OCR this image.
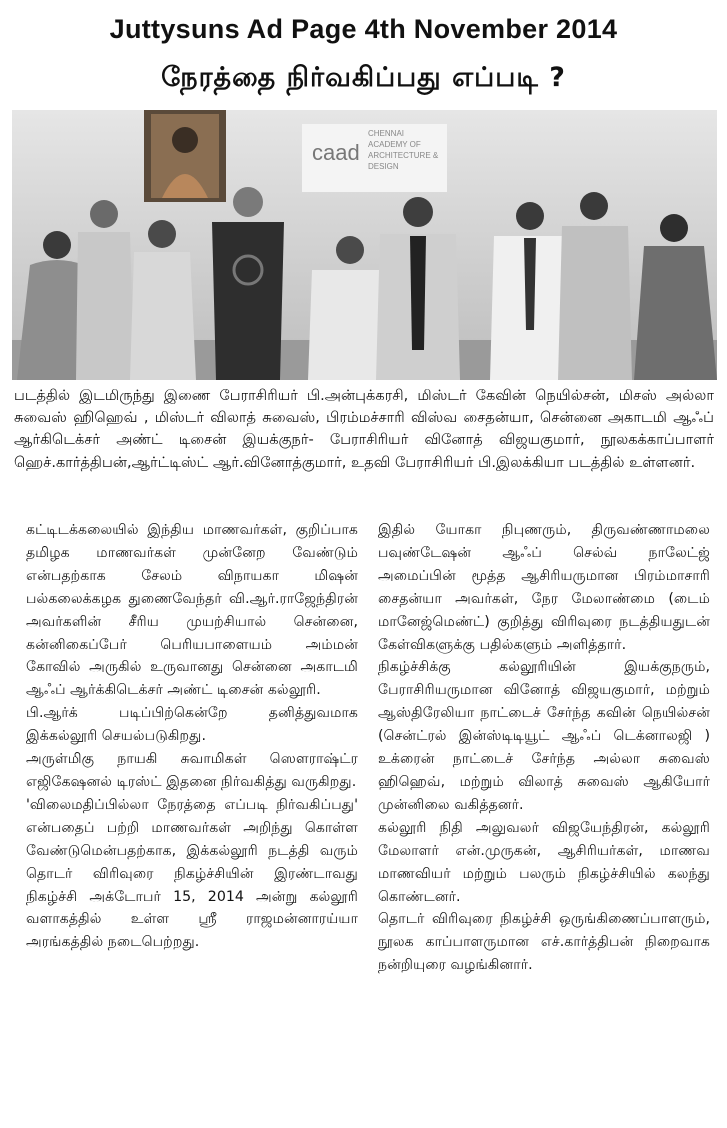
Juttysuns Ad Page 4th November 2014
நேரத்தை நிர்வகிப்பது எப்படி ?
caad
CHENNAI
ACADEMY OF
ARCHITECTURE &
DESIGN
படத்தில் இடமிருந்து இணை பேராசிரியர் பி.அன்புக்கரசி, மிஸ்டர் கேவின் நெயில்சன், மிசஸ் அல்லா சுவைஸ் ஹிஹெவ் , மிஸ்டர் விலாத் சுவைஸ், பிரம்மச்சாரி விஸ்வ சைதன்யா, சென்னை அகாடமி ஆஃப் ஆர்கிடெக்சர் அண்ட் டிசைன் இயக்குநர்- பேராசிரியர் வினோத் விஜயகுமார், நூலகக்காப்பாளர் ஹெச்.கார்த்திபன்,ஆர்ட்டிஸ்ட் ஆர்.வினோத்குமார், உதவி பேராசிரியர் பி.இலக்கியா படத்தில் உள்ளனர்.

கட்டிடக்கலையில் இந்திய மாணவர்கள், குறிப்பாக தமிழக மாணவர்கள் முன்னேற வேண்டும் என்பதற்காக சேலம் விநாயகா மிஷன் பல்கலைக்கழக துணைவேந்தர் வி.ஆர்.ராஜேந்திரன் அவர்களின் சீரிய முயற்சியால் சென்னை, கன்னிகைப்பேர் பெரியபாளையம் அம்மன் கோவில் அருகில் உருவானது சென்னை அகாடமி ஆஃப் ஆர்க்கிடெக்சர் அண்ட் டிசைன் கல்லூரி.

பி.ஆர்க் படிப்பிற்கென்றே தனித்துவமாக இக்கல்லூரி செயல்படுகிறது.

அருள்மிகு நாயகி சுவாமிகள் ஸௌராஷ்ட்ர எஜிகேஷனல் டிரஸ்ட் இதனை நிர்வகித்து வருகிறது.

'விலைமதிப்பில்லா நேரத்தை எப்படி நிர்வகிப்பது' என்பதைப் பற்றி மாணவர்கள் அறிந்து கொள்ள வேண்டுமென்பதற்காக, இக்கல்லூரி நடத்தி வரும் தொடர் விரிவுரை நிகழ்ச்சியின் இரண்டாவது நிகழ்ச்சி அக்டோபர் 15, 2014 அன்று கல்லூரி வளாகத்தில் உள்ள ஸ்ரீ ராஜமன்னாரய்யா அரங்கத்தில் நடைபெற்றது.

இதில் யோகா நிபுணரும், திருவண்ணாமலை பவுண்டேஷன் ஆஃப் செல்வ் நாலேட்ஜ் அமைப்பின் மூத்த ஆசிரியருமான பிரம்மாசாரி சைதன்யா அவர்கள், நேர மேலாண்மை (டைம் மானேஜ்மெண்ட்) குறித்து விரிவுரை நடத்தியதுடன் கேள்விகளுக்கு பதில்களும் அளித்தார்.

நிகழ்ச்சிக்கு கல்லூரியின் இயக்குநரும், பேராசிரியருமான வினோத் விஜயகுமார், மற்றும் ஆஸ்திரேலியா நாட்டைச் சேர்ந்த கவின் நெயில்சன் (சென்ட்ரல் இன்ஸ்டிடியூட் ஆஃப் டெக்னாலஜி ) உக்ரைன் நாட்டைச் சேர்ந்த அல்லா சுவைஸ் ஹிஹெவ், மற்றும் விலாத் சுவைஸ் ஆகியோர் முன்னிலை வகித்தனர்.

கல்லூரி நிதி அலுவலர் விஜயேந்திரன், கல்லூரி மேலாளர் என்.முருகன், ஆசிரியர்கள், மாணவ மாணவியர் மற்றும் பலரும் நிகழ்ச்சியில் கலந்து கொண்டனர்.

தொடர் விரிவுரை நிகழ்ச்சி ஒருங்கிணைப்பாளரும், நூலக காப்பாளருமான எச்.கார்த்திபன் நிறைவாக நன்றியுரை வழங்கினார்.
